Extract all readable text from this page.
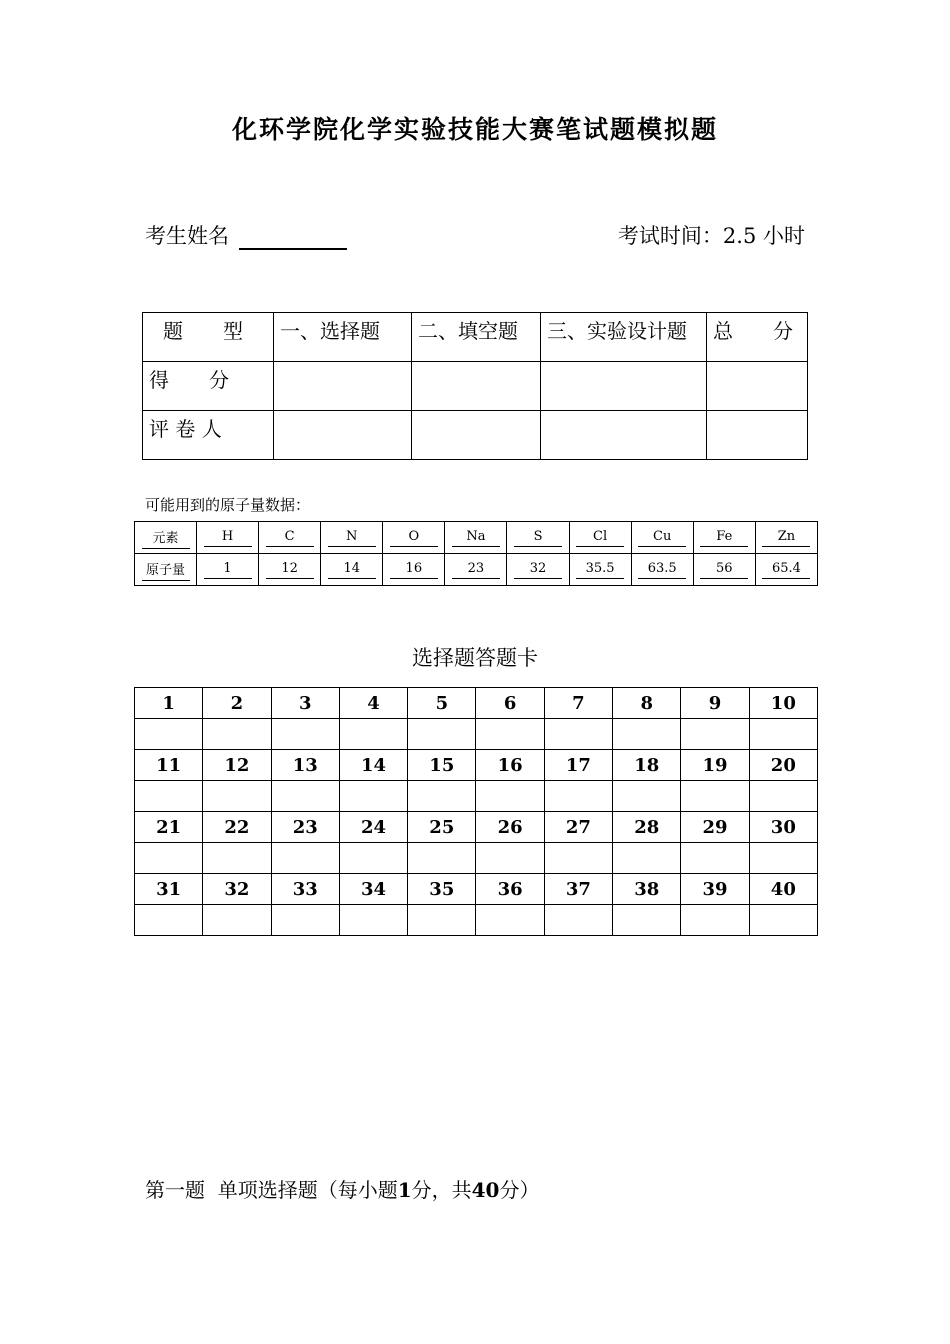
化环学院化学实验技能大赛笔试题模拟题
考生姓名	考试时间：2.5 小时
题　　型	一、选择题	二、填空题	三、实验设计题	总　　分
得　　分				
评 卷 人				
可能用到的原子量数据：
元素	H	C	N	O	Na	S	Cl	Cu	Fe	Zn
原子量	1	12	14	16	23	32	35.5	63.5	56	65.4
选择题答题卡
1	2	3	4	5	6	7	8	9	10

11	12	13	14	15	16	17	18	19	20

21	22	23	24	25	26	27	28	29	30

31	32	33	34	35	36	37	38	39	40

第一题 单项选择题（每小题1分，共40分）
